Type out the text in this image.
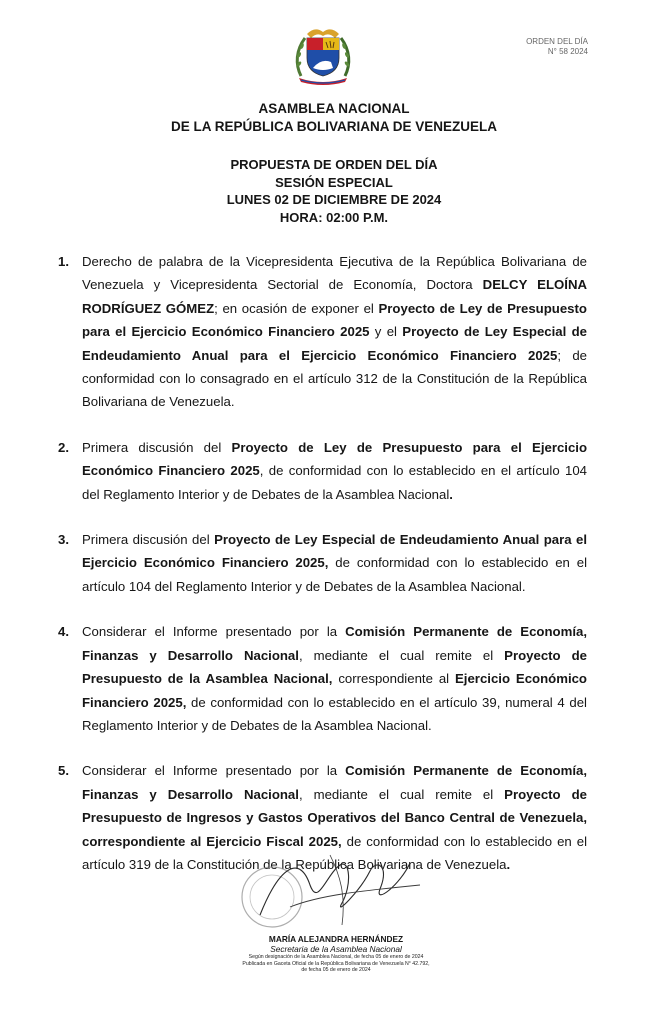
ORDEN DEL DÍA
N° 58 2024
ASAMBLEA NACIONAL
DE LA REPÚBLICA BOLIVARIANA DE VENEZUELA
PROPUESTA DE ORDEN DEL DÍA
SESIÓN ESPECIAL
LUNES 02 DE DICIEMBRE DE 2024
HORA: 02:00 P.M.
1. Derecho de palabra de la Vicepresidenta Ejecutiva de la República Bolivariana de Venezuela y Vicepresidenta Sectorial de Economía, Doctora DELCY ELOÍNA RODRÍGUEZ GÓMEZ; en ocasión de exponer el Proyecto de Ley de Presupuesto para el Ejercicio Económico Financiero 2025 y el Proyecto de Ley Especial de Endeudamiento Anual para el Ejercicio Económico Financiero 2025; de conformidad con lo consagrado en el artículo 312 de la Constitución de la República Bolivariana de Venezuela.
2. Primera discusión del Proyecto de Ley de Presupuesto para el Ejercicio Económico Financiero 2025, de conformidad con lo establecido en el artículo 104 del Reglamento Interior y de Debates de la Asamblea Nacional.
3. Primera discusión del Proyecto de Ley Especial de Endeudamiento Anual para el Ejercicio Económico Financiero 2025, de conformidad con lo establecido en el artículo 104 del Reglamento Interior y de Debates de la Asamblea Nacional.
4. Considerar el Informe presentado por la Comisión Permanente de Economía, Finanzas y Desarrollo Nacional, mediante el cual remite el Proyecto de Presupuesto de la Asamblea Nacional, correspondiente al Ejercicio Económico Financiero 2025, de conformidad con lo establecido en el artículo 39, numeral 4 del Reglamento Interior y de Debates de la Asamblea Nacional.
5. Considerar el Informe presentado por la Comisión Permanente de Economía, Finanzas y Desarrollo Nacional, mediante el cual remite el Proyecto de Presupuesto de Ingresos y Gastos Operativos del Banco Central de Venezuela, correspondiente al Ejercicio Fiscal 2025, de conformidad con lo establecido en el artículo 319 de la Constitución de la República Bolivariana de Venezuela.
MARÍA ALEJANDRA HERNÁNDEZ
Secretaria de la Asamblea Nacional
Según designación de la Asamblea Nacional, de fecha 05 de enero de 2024
Publicada en Gaceta Oficial de la República Bolivariana de Venezuela N° 42.792,
de fecha 05 de enero de 2024
